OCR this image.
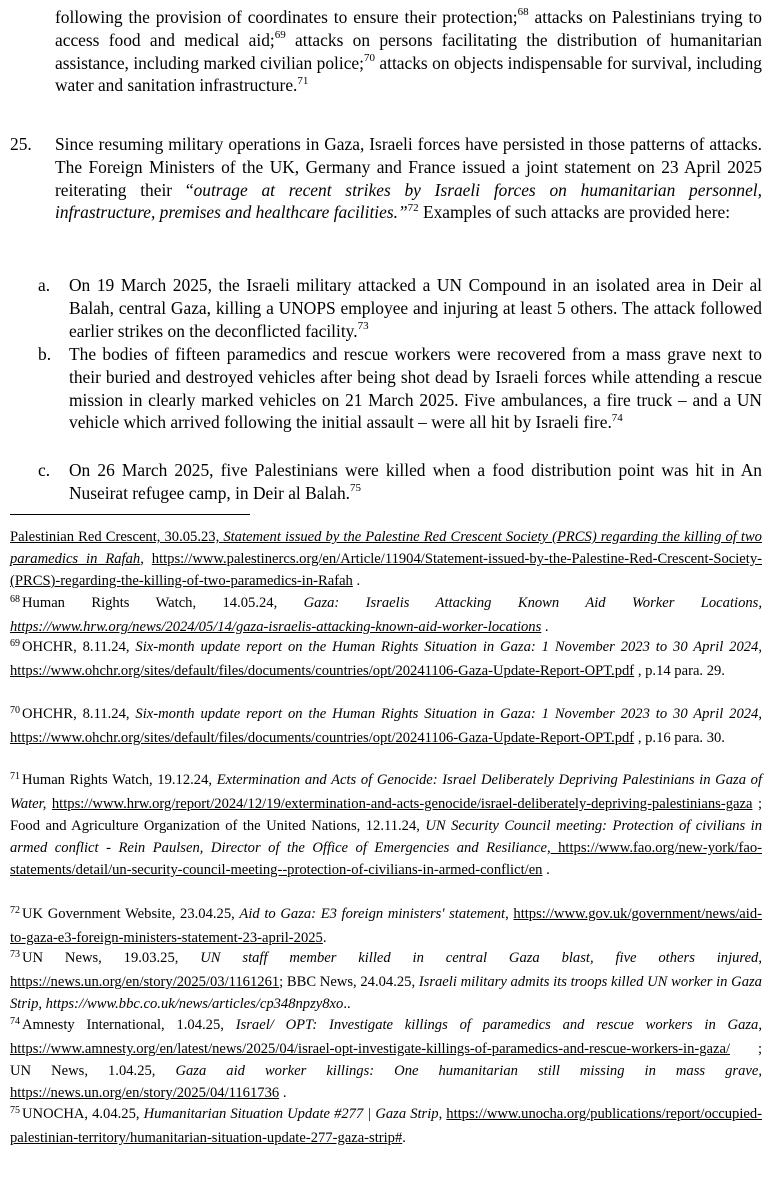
following the provision of coordinates to ensure their protection;$^{68}$ attacks on Palestinians trying to access food and medical aid;$^{69}$ attacks on persons facilitating the distribution of humanitarian assistance, including marked civilian police;$^{70}$ attacks on objects indispensable for survival, including water and sanitation infrastructure.$^{71}$

25. Since resuming military operations in Gaza, Israeli forces have persisted in those patterns of attacks. The Foreign Ministers of the UK, Germany and France issued a joint statement on 23 April 2025 reiterating their “outrage at recent strikes by Israeli forces on humanitarian personnel, infrastructure, premises and healthcare facilities.”$^{72}$ Examples of such attacks are provided here:

a. On 19 March 2025, the Israeli military attacked a UN Compound in an isolated area in Deir al Balah, central Gaza, killing a UNOPS employee and injuring at least 5 others. The attack followed earlier strikes on the deconflicted facility.$^{73}$

b. The bodies of fifteen paramedics and rescue workers were recovered from a mass grave next to their buried and destroyed vehicles after being shot dead by Israeli forces while attending a rescue mission in clearly marked vehicles on 21 March 2025. Five ambulances, a fire truck – and a UN vehicle which arrived following the initial assault – were all hit by Israeli fire.$^{74}$

c. On 26 March 2025, five Palestinians were killed when a food distribution point was hit in An Nuseirat refugee camp, in Deir al Balah.$^{75}$

Palestinian Red Crescent, 30.05.23, Statement issued by the Palestine Red Crescent Society (PRCS) regarding the killing of two paramedics in Rafah, https://www.palestinercs.org/en/Article/11904/Statement-issued-by-the-Palestine-Red-Crescent-Society-(PRCS)-regarding-the-killing-of-two-paramedics-in-Rafah .
$^{68}$ Human Rights Watch, 14.05.24, Gaza: Israelis Attacking Known Aid Worker Locations, https://www.hrw.org/news/2024/05/14/gaza-israelis-attacking-known-aid-worker-locations .
$^{69}$ OHCHR, 8.11.24, Six-month update report on the Human Rights Situation in Gaza: 1 November 2023 to 30 April 2024, https://www.ohchr.org/sites/default/files/documents/countries/opt/20241106-Gaza-Update-Report-OPT.pdf , p.14 para. 29.
$^{70}$ OHCHR, 8.11.24, Six-month update report on the Human Rights Situation in Gaza: 1 November 2023 to 30 April 2024, https://www.ohchr.org/sites/default/files/documents/countries/opt/20241106-Gaza-Update-Report-OPT.pdf , p.16 para. 30.
$^{71}$ Human Rights Watch, 19.12.24, Extermination and Acts of Genocide: Israel Deliberately Depriving Palestinians in Gaza of Water, https://www.hrw.org/report/2024/12/19/extermination-and-acts-genocide/israel-deliberately-depriving-palestinians-gaza ; Food and Agriculture Organization of the United Nations, 12.11.24, UN Security Council meeting: Protection of civilians in armed conflict - Rein Paulsen, Director of the Office of Emergencies and Resiliance, https://www.fao.org/new-york/fao-statements/detail/un-security-council-meeting--protection-of-civilians-in-armed-conflict/en .
$^{72}$ UK Government Website, 23.04.25, Aid to Gaza: E3 foreign ministers' statement, https://www.gov.uk/government/news/aid-to-gaza-e3-foreign-ministers-statement-23-april-2025.
$^{73}$ UN News, 19.03.25, UN staff member killed in central Gaza blast, five others injured, https://news.un.org/en/story/2025/03/1161261; BBC News, 24.04.25, Israeli military admits its troops killed UN worker in Gaza Strip, https://www.bbc.co.uk/news/articles/cp348npzy8xo..
$^{74}$ Amnesty International, 1.04.25, Israel/ OPT: Investigate killings of paramedics and rescue workers in Gaza, https://www.amnesty.org/en/latest/news/2025/04/israel-opt-investigate-killings-of-paramedics-and-rescue-workers-in-gaza/ ; UN News, 1.04.25, Gaza aid worker killings: One humanitarian still missing in mass grave, https://news.un.org/en/story/2025/04/1161736 .
$^{75}$ UNOCHA, 4.04.25, Humanitarian Situation Update #277 | Gaza Strip, https://www.unocha.org/publications/report/occupied-palestinian-territory/humanitarian-situation-update-277-gaza-strip#.
